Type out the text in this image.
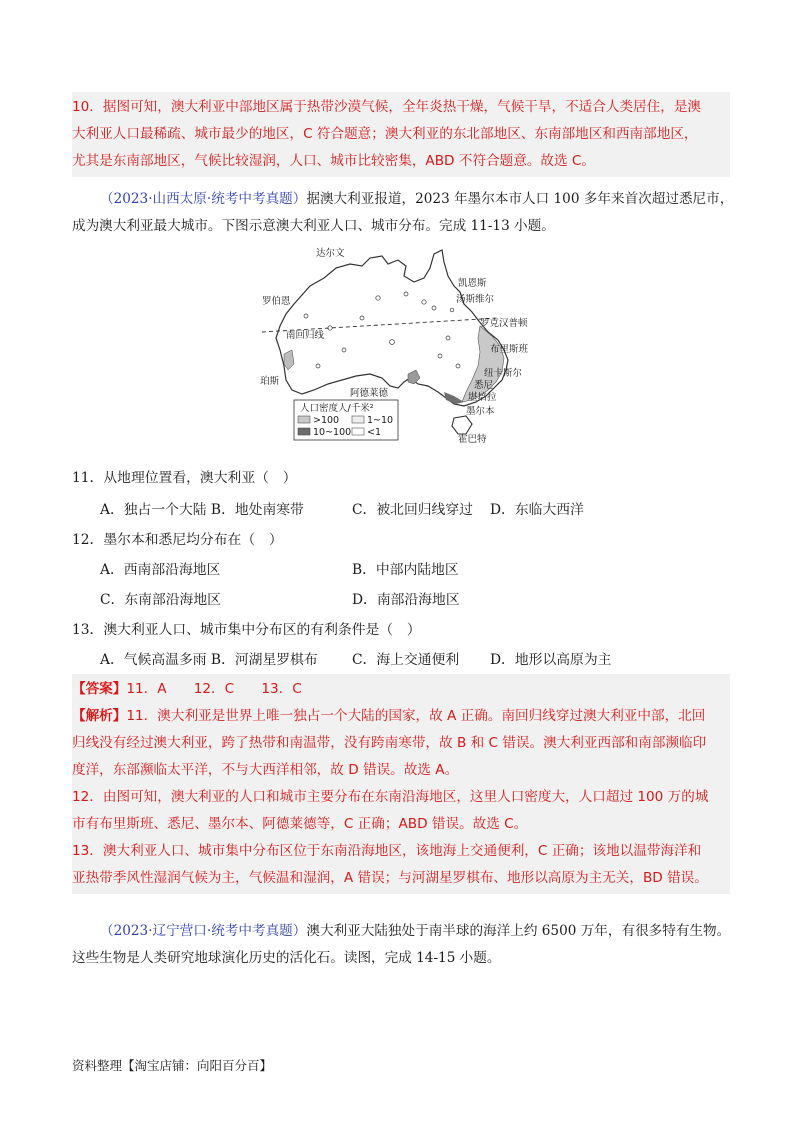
10．据图可知，澳大利亚中部地区属于热带沙漠气候，全年炎热干燥，气候干旱，不适合人类居住，是澳

大利亚人口最稀疏、城市最少的地区，C 符合题意；澳大利亚的东北部地区、东南部地区和西南部地区，

尤其是东南部地区，气候比较湿润，人口、城市比较密集，ABD 不符合题意。故选 C。

（2023·山西太原·统考中考真题）据澳大利亚报道，2023 年墨尔本市人口 100 多年来首次超过悉尼市，

成为澳大利亚最大城市。下图示意澳大利亚人口、城市分布。完成 11-13 小题。

人口密度人/千米²
>100	1~10
10~100 <1
达尔文
凯恩斯
汤斯维尔
罗伯恩
罗克汉普顿
南回归线
布里斯班
纽卡斯尔
悉尼
堪培拉
珀斯
阿德莱德
墨尔本
霍巴特
11．从地理位置看，澳大利亚（　）
A．独占一个大陆 B．地处南寒带	C．被北回归线穿过 D．东临大西洋
12．墨尔本和悉尼均分布在（　）
A．西南部沿海地区	B．中部内陆地区
C．东南部沿海地区	D．南部沿海地区
13．澳大利亚人口、城市集中分布区的有利条件是（　）
A．气候高温多雨 B．河湖星罗棋布 C．海上交通便利 D．地形以高原为主

【答案】11．A　　12．C　　13．C

【解析】11．澳大利亚是世界上唯一独占一个大陆的国家，故 A 正确。南回归线穿过澳大利亚中部，北回

归线没有经过澳大利亚，跨了热带和南温带，没有跨南寒带，故 B 和 C 错误。澳大利亚西部和南部濒临印

度洋，东部濒临太平洋，不与大西洋相邻，故 D 错误。故选 A。

12．由图可知，澳大利亚的人口和城市主要分布在东南沿海地区，这里人口密度大，人口超过 100 万的城

市有布里斯班、悉尼、墨尔本、阿德莱德等，C 正确；ABD 错误。故选 C。

13．澳大利亚人口、城市集中分布区位于东南沿海地区，该地海上交通便利，C 正确；该地以温带海洋和

亚热带季风性湿润气候为主，气候温和湿润，A 错误；与河湖星罗棋布、地形以高原为主无关，BD 错误。

（2023·辽宁营口·统考中考真题）澳大利亚大陆独处于南半球的海洋上约 6500 万年，有很多特有生物。

这些生物是人类研究地球演化历史的活化石。读图，完成 14-15 小题。

资料整理【淘宝店铺：向阳百分百】
